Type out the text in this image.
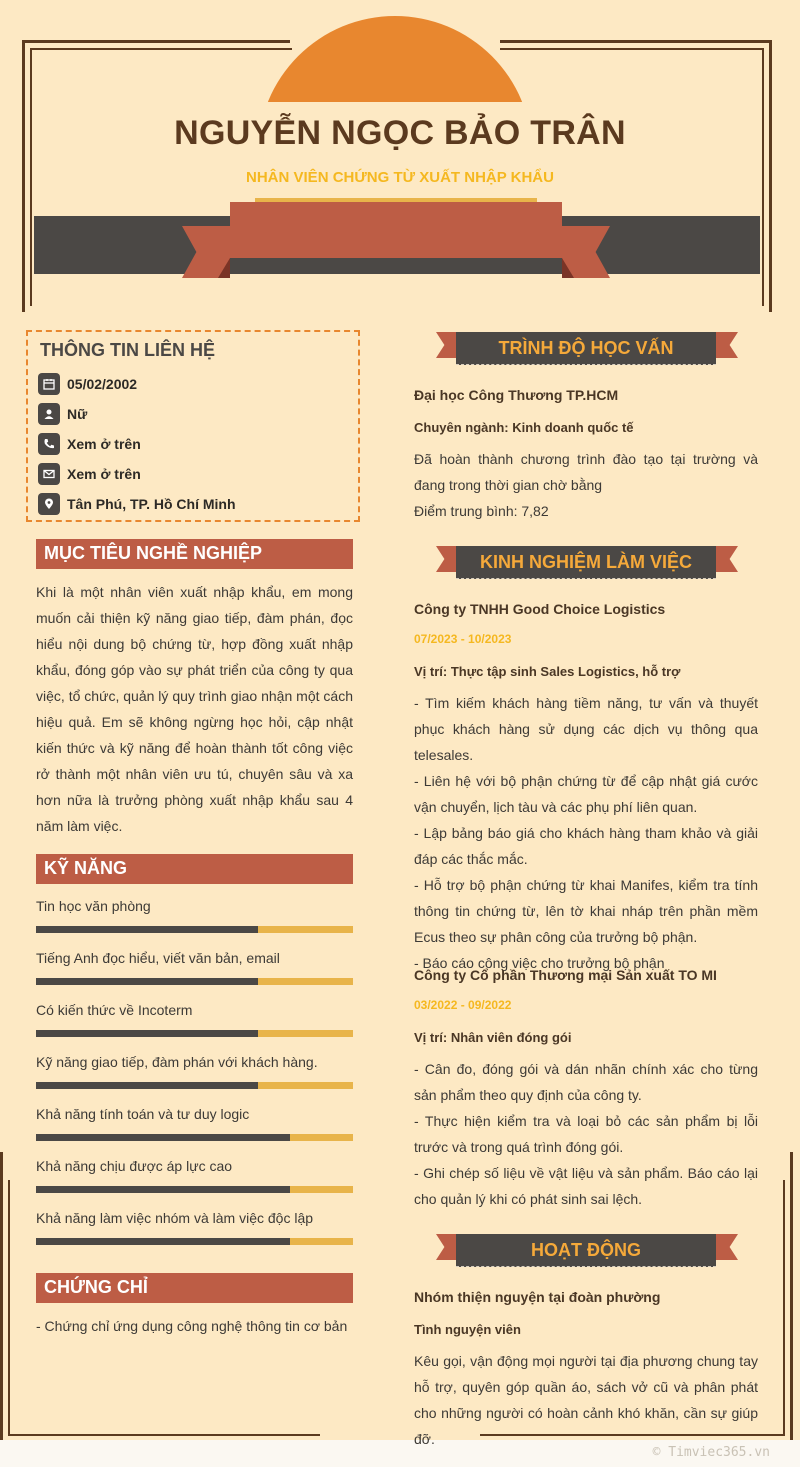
NGUYỄN NGỌC BẢO TRÂN
NHÂN VIÊN CHỨNG TỪ XUẤT NHẬP KHẨU
THÔNG TIN LIÊN HỆ
05/02/2002
Nữ
Xem ở trên
Xem ở trên
Tân Phú, TP. Hồ Chí Minh
MỤC TIÊU NGHỀ NGHIỆP
Khi là một nhân viên xuất nhập khẩu, em mong muốn cải thiện kỹ năng giao tiếp, đàm phán, đọc hiểu nội dung bộ chứng từ, hợp đồng xuất nhập khẩu, đóng góp vào sự phát triển của công ty qua việc, tổ chức, quản lý quy trình giao nhận một cách hiệu quả. Em sẽ không ngừng học hỏi, cập nhật kiến thức và kỹ năng để hoàn thành tốt công việc rở thành một nhân viên ưu tú, chuyên sâu và xa hơn nữa là trưởng phòng xuất nhập khẩu sau 4 năm làm việc.
KỸ NĂNG
Tin học văn phòng
Tiếng Anh đọc hiểu, viết văn bản, email
Có kiến thức về Incoterm
Kỹ năng giao tiếp, đàm phán với khách hàng.
Khả năng tính toán và tư duy logic
Khả năng chịu được áp lực cao
Khả năng làm việc nhóm và làm việc độc lập
CHỨNG CHỈ
- Chứng chỉ ứng dụng công nghệ thông tin cơ bản
TRÌNH ĐỘ HỌC VẤN
Đại học Công Thương TP.HCM
Chuyên ngành: Kinh doanh quốc tế
Đã hoàn thành chương trình đào tạo tại trường và đang trong thời gian chờ bằng
Điểm trung bình: 7,82
KINH NGHIỆM LÀM VIỆC
Công ty TNHH Good Choice Logistics
07/2023 - 10/2023
Vị trí: Thực tập sinh Sales Logistics, hỗ trợ
- Tìm kiếm khách hàng tiềm năng, tư vấn và thuyết phục khách hàng sử dụng các dịch vụ thông qua telesales.
- Liên hệ với bộ phận chứng từ để cập nhật giá cước vận chuyển, lịch tàu và các phụ phí liên quan.
- Lập bảng báo giá cho khách hàng tham khảo và giải đáp các thắc mắc.
- Hỗ trợ bộ phận chứng từ khai Manifes, kiểm tra tính thông tin chứng từ, lên tờ khai nháp trên phần mềm Ecus theo sự phân công của trưởng bộ phận.
- Báo cáo công việc cho trưởng bộ phận
Công ty Cổ phần Thương mại Sản xuất TO MI
03/2022 - 09/2022
Vị trí: Nhân viên đóng gói
- Cân đo, đóng gói và dán nhãn chính xác cho từng sản phẩm theo quy định của công ty.
- Thực hiện kiểm tra và loại bỏ các sản phẩm bị lỗi trước và trong quá trình đóng gói.
- Ghi chép số liệu về vật liệu và sản phẩm. Báo cáo lại cho quản lý khi có phát sinh sai lệch.
HOẠT ĐỘNG
Nhóm thiện nguyện tại đoàn phường
Tình nguyện viên
Kêu gọi, vận động mọi người tại địa phương chung tay hỗ trợ, quyên góp quần áo, sách vở cũ và phân phát cho những người có hoàn cảnh khó khăn, cần sự giúp đỡ.
© Timviec365.vn
